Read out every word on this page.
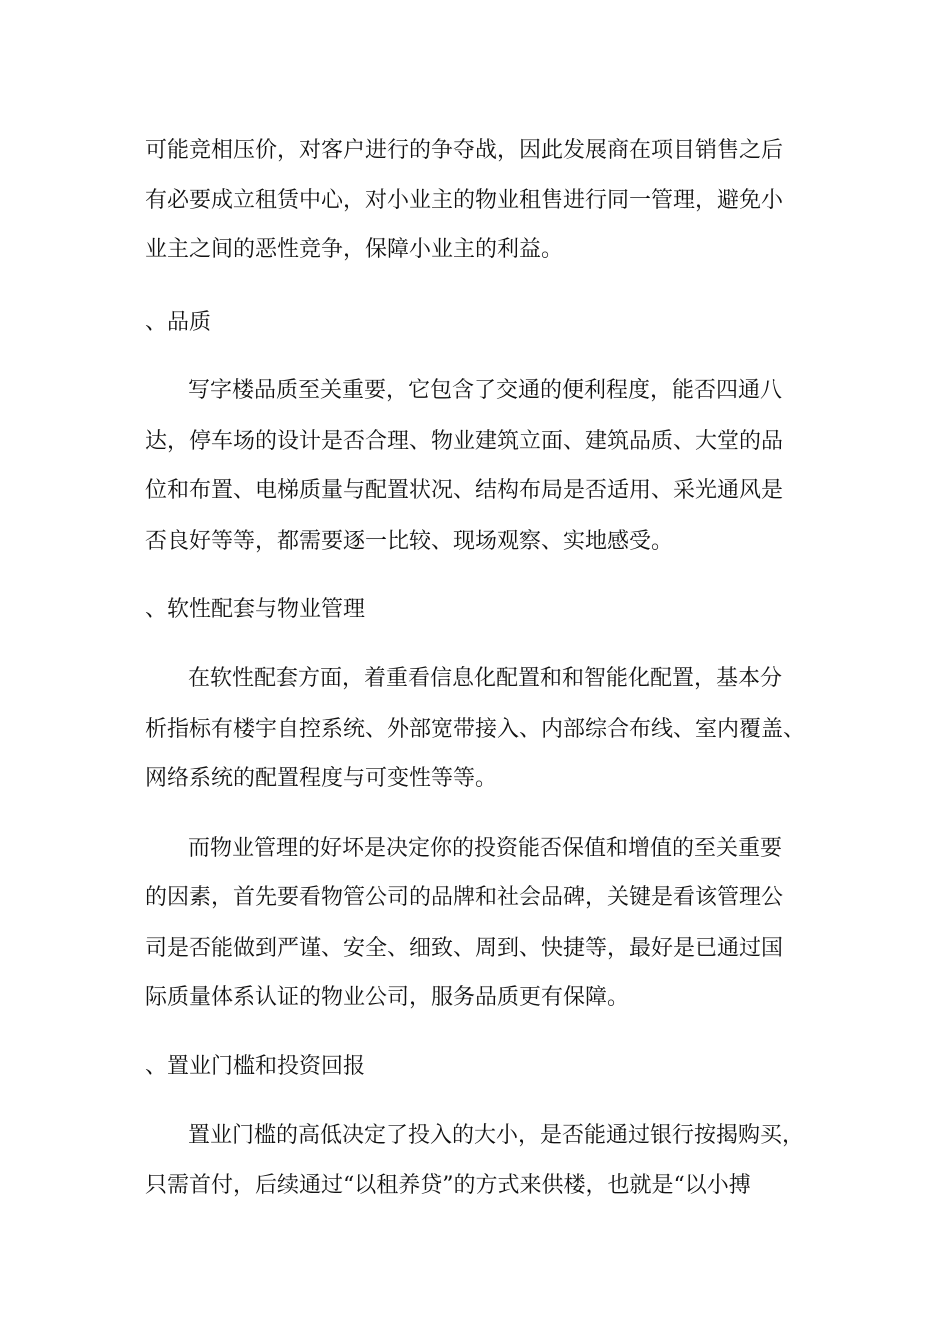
可能竞相压价，对客户进行的争夺战，因此发展商在项目销售之后

有必要成立租赁中心，对小业主的物业租售进行同一管理，避免小

业主之间的恶性竞争，保障小业主的利益。

、品质

写字楼品质至关重要，它包含了交通的便利程度，能否四通八

达，停车场的设计是否合理、物业建筑立面、建筑品质、大堂的品

位和布置、电梯质量与配置状况、结构布局是否适用、采光通风是

否良好等等，都需要逐一比较、现场观察、实地感受。

、软性配套与物业管理

在软性配套方面，着重看信息化配置和和智能化配置，基本分

析指标有楼宇自控系统、外部宽带接入、内部综合布线、室内覆盖、

网络系统的配置程度与可变性等等。

而物业管理的好坏是决定你的投资能否保值和增值的至关重要

的因素，首先要看物管公司的品牌和社会品碑，关键是看该管理公

司是否能做到严谨、安全、细致、周到、快捷等，最好是已通过国

际质量体系认证的物业公司，服务品质更有保障。

、置业门槛和投资回报

置业门槛的高低决定了投入的大小，是否能通过银行按揭购买，

只需首付，后续通过“以租养贷”的方式来供楼，也就是“以小搏
